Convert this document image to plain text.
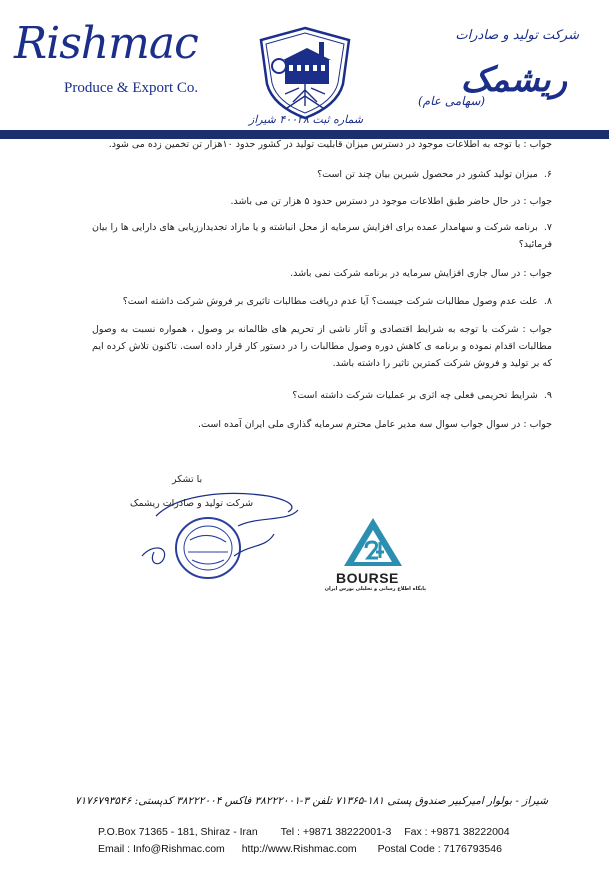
Rishmac
Produce & Export Co.
شماره ثبت ۴۰۰۳۸ شیراز
شرکت تولید و صادرات
ریشمک
(سهامی عام)
جواب : با توجه به اطلاعات موجود در دسترس میزان قابلیت تولید در کشور حدود ۱۰هزار تن تخمین زده می شود.
۶.میزان تولید کشور در محصول شیرین بیان چند تن است؟
جواب : در حال حاضر طبق اطلاعات موجود در دسترس حدود ۵ هزار تن می باشد.
۷.برنامه شرکت و سهامدار عمده برای افزایش سرمایه از محل انباشته و یا مازاد تجدیدارزیابی های دارایی ها را بیان فرمائید؟
جواب : در سال جاری افزایش سرمایه در برنامه شرکت نمی باشد.
۸.علت عدم وصول مطالبات شرکت جیست؟ آیا عدم دریافت مطالبات تاثیری بر فروش شرکت داشته است؟
جواب : شرکت با توجه به شرایط اقتصادی و آثار ناشی از تحریم های ظالمانه بر وصول ، همواره نسبت به وصول مطالبات اقدام نموده و برنامه ی کاهش دوره وصول مطالبات را در دستور کار قرار داده است. تاکنون تلاش کرده ایم که بر تولید و فروش شرکت کمترین تاثیر را داشته باشد.
۹.شرایط تحریمی فعلی چه اثری بر عملیات شرکت داشته است؟
جواب : در سوال جواب سوال سه مدیر عامل محترم سرمایه گذاری ملی ایران آمده است.
با تشکر
شرکت تولید و صادرات ریشمک
BOURSE
پایگاه اطلاع رسانی و تحلیلی بورس ایران
شیراز - بولوار امیرکبیر صندوق پستی ۱۸۱-۷۱۳۶۵ تلفن ۳-۳۸۲۲۲۰۰۱ فاکس ۳۸۲۲۲۰۰۴ کدپستی: ۷۱۷۶۷۹۳۵۴۶
P.O.Box 71365 - 181, Shiraz - Iran Tel : +9871 38222001-3 Fax : +9871 38222004
Email : Info@Rishmac.com http://www.Rishmac.com Postal Code : 7176793546
